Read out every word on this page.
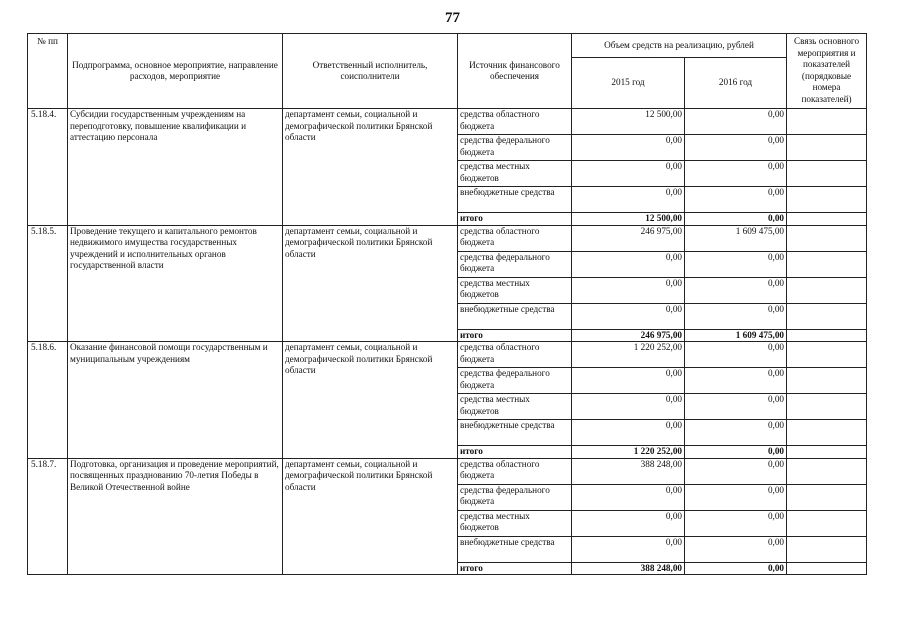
77
№ пп	Подпрограмма, основное мероприятие, направление расходов, мероприятие	Ответственный исполнитель, соисполнители	Источник финансового обеспечения	Объем средств на реализацию, рублей		Связь основного мероприятия и показателей (порядковые номера показателей)
				2015 год	2016 год	
5.18.4.	Субсидии государственным учреждениям на переподготовку, повышение квалификации и аттестацию персонала	департамент семьи, социальной и демографической политики Брянской области	средства областного бюджета	12 500,00	0,00	
			средства федерального бюджета	0,00	0,00	
			средства местных бюджетов	0,00	0,00	
			внебюджетные средства	0,00	0,00	
			итого	12 500,00	0,00	
5.18.5.	Проведение текущего и капитального ремонтов недвижимого имущества государственных учреждений и исполнительных органов государственной власти	департамент семьи, социальной и демографической политики Брянской области	средства областного бюджета	246 975,00	1 609 475,00	
			средства федерального бюджета	0,00	0,00	
			средства местных бюджетов	0,00	0,00	
			внебюджетные средства	0,00	0,00	
			итого	246 975,00	1 609 475,00	
5.18.6.	Оказание финансовой помощи государственным и муниципальным учреждениям	департамент семьи, социальной и демографической политики Брянской области	средства областного бюджета	1 220 252,00	0,00	
			средства федерального бюджета	0,00	0,00	
			средства местных бюджетов	0,00	0,00	
			внебюджетные средства	0,00	0,00	
			итого	1 220 252,00	0,00	
5.18.7.	Подготовка, организация и проведение мероприятий, посвященных празднованию 70-летия Победы в Великой Отечественной войне	департамент семьи, социальной и демографической политики Брянской области	средства областного бюджета	388 248,00	0,00	
			средства федерального бюджета	0,00	0,00	
			средства местных бюджетов	0,00	0,00	
			внебюджетные средства	0,00	0,00	
			итого	388 248,00	0,00	
